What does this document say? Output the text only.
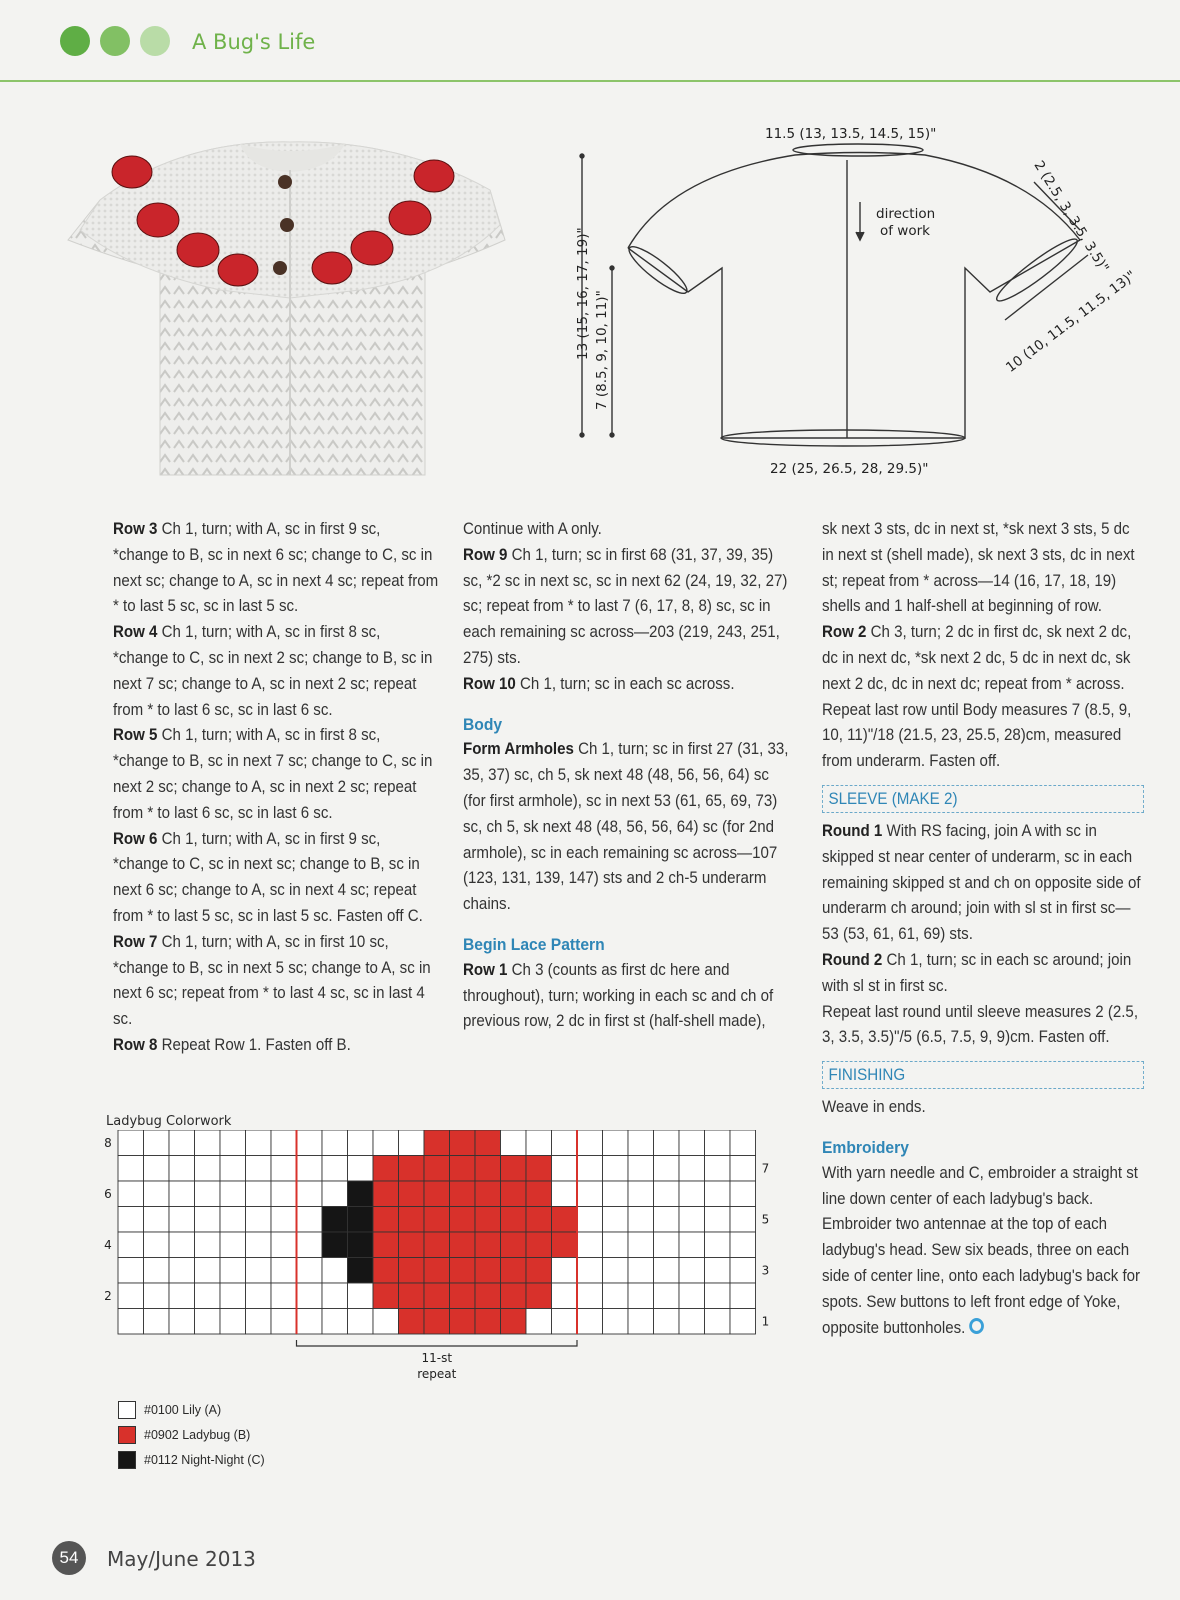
A Bug's Life
11.5 (13, 13.5, 14.5, 15)"
22 (25, 26.5, 28, 29.5)"
13 (15, 16, 17, 19)" 7 (8.5, 9, 10, 11)"
2 (2.5, 3, 3.5, 3.5)"
10 (10, 11.5, 11.5, 13)"
direction
of work

Row 3 Ch 1, turn; with A, sc in first 9 sc, *change to B, sc in next 6 sc; change to C, sc in next sc; change to A, sc in next 4 sc; repeat from * to last 5 sc, sc in last 5 sc.

Row 4 Ch 1, turn; with A, sc in first 8 sc, *change to C, sc in next 2 sc; change to B, sc in next 7 sc; change to A, sc in next 2 sc; repeat from * to last 6 sc, sc in last 6 sc.

Row 5 Ch 1, turn; with A, sc in first 8 sc, *change to B, sc in next 7 sc; change to C, sc in next 2 sc; change to A, sc in next 2 sc; repeat from * to last 6 sc, sc in last 6 sc.

Row 6 Ch 1, turn; with A, sc in first 9 sc, *change to C, sc in next sc; change to B, sc in next 6 sc; change to A, sc in next 4 sc; repeat from * to last 5 sc, sc in last 5 sc. Fasten off C.

Row 7 Ch 1, turn; with A, sc in first 10 sc, *change to B, sc in next 5 sc; change to A, sc in next 6 sc; repeat from * to last 4 sc, sc in last 4 sc.

Row 8 Repeat Row 1. Fasten off B.

Continue with A only.

Row 9 Ch 1, turn; sc in first 68 (31, 37, 39, 35) sc, *2 sc in next sc, sc in next 62 (24, 19, 32, 27) sc; repeat from * to last 7 (6, 17, 8, 8) sc, sc in each remaining sc across—203 (219, 243, 251, 275) sts.

Row 10 Ch 1, turn; sc in each sc across.

Body

Form Armholes Ch 1, turn; sc in first 27 (31, 33, 35, 37) sc, ch 5, sk next 48 (48, 56, 56, 64) sc (for first armhole), sc in next 53 (61, 65, 69, 73) sc, ch 5, sk next 48 (48, 56, 56, 64) sc (for 2nd armhole), sc in each remaining sc across—107 (123, 131, 139, 147) sts and 2 ch-5 underarm chains.

Begin Lace Pattern

Row 1 Ch 3 (counts as first dc here and throughout), turn; working in each sc and ch of previous row, 2 dc in first st (half-shell made),

sk next 3 sts, dc in next st, *sk next 3 sts, 5 dc in next st (shell made), sk next 3 sts, dc in next st; repeat from * across—14 (16, 17, 18, 19) shells and 1 half-shell at beginning of row.

Row 2 Ch 3, turn; 2 dc in first dc, sk next 2 dc, dc in next dc, *sk next 2 dc, 5 dc in next dc, sk next 2 dc, dc in next dc; repeat from * across.

Repeat last row until Body measures 7 (8.5, 9, 10, 11)"/18 (21.5, 23, 25.5, 28)cm, measured from underarm. Fasten off.

SLEEVE (MAKE 2)

Round 1 With RS facing, join A with sc in skipped st near center of underarm, sc in each remaining skipped st and ch on opposite side of underarm ch around; join with sl st in first sc—53 (53, 61, 61, 69) sts.

Round 2 Ch 1, turn; sc in each sc around; join with sl st in first sc.

Repeat last round until sleeve measures 2 (2.5, 3, 3.5, 3.5)"/5 (6.5, 7.5, 9, 9)cm. Fasten off.

FINISHING

Weave in ends.

Embroidery

With yarn needle and C, embroider a straight st line down center of each ladybug's back. Embroider two antennae at the top of each ladybug's head. Sew six beads, three on each side of center line, onto each ladybug's back for spots. Sew buttons to left front edge of Yoke, opposite buttonholes.

Ladybug Colorwork
8
6
4
2
7
5
3
1
11-st
repeat
#0100 Lily (A)
#0902 Ladybug (B)
#0112 Night-Night (C)
54	May/June 2013
